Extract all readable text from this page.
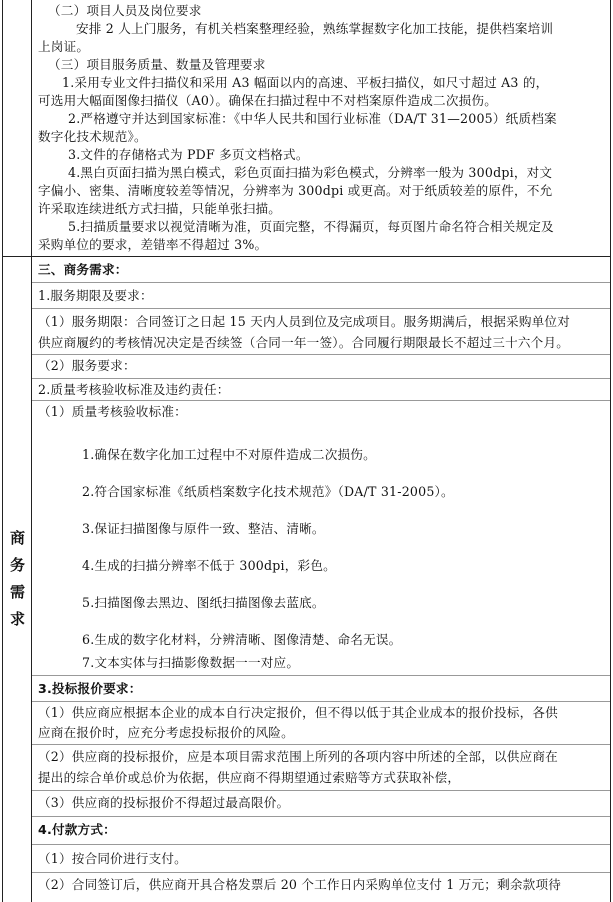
（二）项目人员及岗位要求
安排 2 人上门服务，有机关档案整理经验，熟练掌握数字化加工技能，提供档案培训
上岗证。
（三）项目服务质量、数量及管理要求
1.采用专业文件扫描仪和采用 A3 幅面以内的高速、平板扫描仪，如尺寸超过 A3 的，
可选用大幅面图像扫描仪（A0）。确保在扫描过程中不对档案原件造成二次损伤。
2.严格遵守并达到国家标准：《中华人民共和国行业标准（DA/T 31—2005）纸质档案
数字化技术规范》。
3.文件的存储格式为 PDF 多页文档格式。
4.黑白页面扫描为黑白模式，彩色页面扫描为彩色模式，分辨率一般为 300dpi，对文
字偏小、密集、清晰度较差等情况，分辨率为 300dpi 或更高。对于纸质较差的原件，不允
许采取连续进纸方式扫描，只能单张扫描。
5.扫描质量要求以视觉清晰为准，页面完整，不得漏页，每页图片命名符合相关规定及
采购单位的要求，差错率不得超过 3%。
商
务
需
求
三、商务需求：
1.服务期限及要求：
（1）服务期限：合同签订之日起 15 天内人员到位及完成项目。服务期满后，根据采购单位对
供应商履约的考核情况决定是否续签（合同一年一签）。合同履行期限最长不超过三十六个月。
（2）服务要求：
2.质量考核验收标准及违约责任：
（1）质量考核验收标准：
1.确保在数字化加工过程中不对原件造成二次损伤。
2.符合国家标准《纸质档案数字化技术规范》（DA/T 31-2005）。
3.保证扫描图像与原件一致、整洁、清晰。
4.生成的扫描分辨率不低于 300dpi，彩色。
5.扫描图像去黑边、图纸扫描图像去蓝底。
6.生成的数字化材料，分辨清晰、图像清楚、命名无误。
7.文本实体与扫描影像数据一一对应。
3.投标报价要求：
（1）供应商应根据本企业的成本自行决定报价，但不得以低于其企业成本的报价投标，各供
应商在报价时，应充分考虑投标报价的风险。
（2）供应商的投标报价，应是本项目需求范围上所列的各项内容中所述的全部，以供应商在
提出的综合单价或总价为依据，供应商不得期望通过索赔等方式获取补偿，
（3）供应商的投标报价不得超过最高限价。
4.付款方式：
（1）按合同价进行支付。
（2）合同签订后，供应商开具合格发票后 20 个工作日内采购单位支付 1 万元；剩余款项待
